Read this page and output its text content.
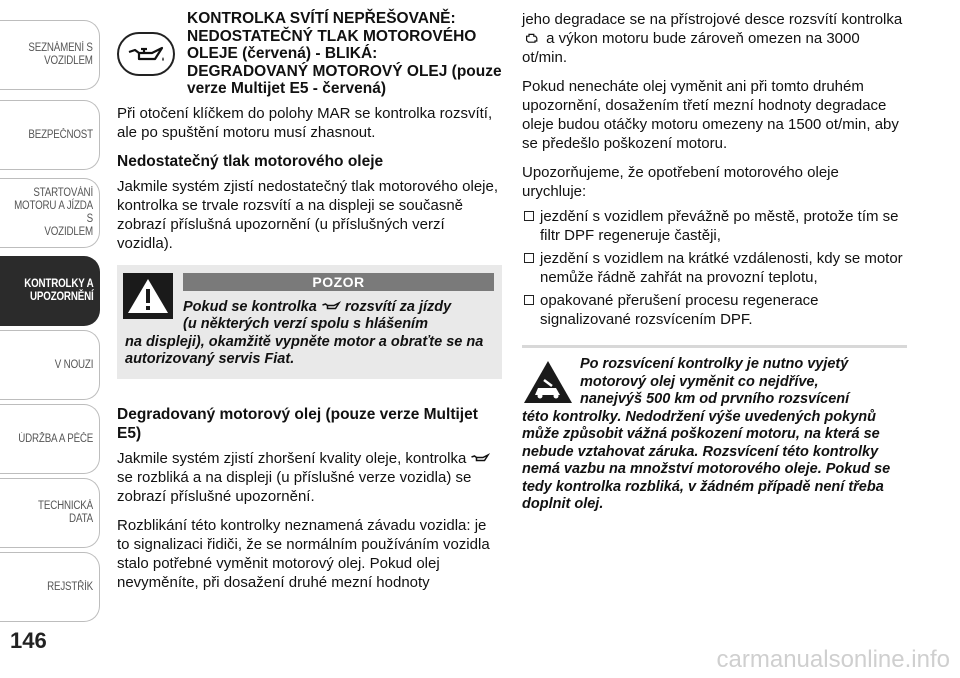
SEZNÁMENÍ S
VOZIDLEM
BEZPEČNOST
STARTOVÁNÍ
MOTORU A JÍZDA S
VOZIDLEM
KONTROLKY A
UPOZORNĚNÍ
V NOUZI
ÚDRŽBA A PÉČE
TECHNICKÁ DATA
REJSTŘÍK
146
KONTROLKA SVÍTÍ NEPŘEŠOVANĚ: NEDOSTATEČNÝ TLAK MOTOROVÉHO OLEJE (červená) - BLIKÁ: DEGRADOVANÝ MOTOROVÝ OLEJ (pouze verze Multijet E5 - červená)

Při otočení klíčkem do polohy MAR se kontrolka rozsvítí, ale po spuštění motoru musí zhasnout.

Nedostatečný tlak motorového oleje

Jakmile systém zjistí nedostatečný tlak motorového oleje, kontrolka se trvale rozsvítí a na displeji se současně zobrazí příslušná upozornění (u příslušných verzí vozidla).

POZOR
Pokud se kontrolka rozsvítí za jízdy
(u některých verzí spolu s hlášením
na displeji), okamžitě vypněte motor a obraťte se na autorizovaný servis Fiat.
Degradovaný motorový olej (pouze verze Multijet E5)

Jakmile systém zjistí zhoršení kvality oleje, kontrolka  se rozbliká a na displeji (u příslušné verze vozidla) se zobrazí příslušné upozornění.

Rozblikání této kontrolky neznamená závadu vozidla: je to signalizaci řidiči, že se normálním používáním vozidla stalo potřebné vyměnit motorový olej. Pokud olej nevyměníte, při dosažení druhé mezní hodnoty

jeho degradace se na přístrojové desce rozsvítí kontrolka  a výkon motoru bude zároveň omezen na 3000 ot/min.

Pokud nenecháte olej vyměnit ani při tomto druhém upozornění, dosažením třetí mezní hodnoty degradace oleje budou otáčky motoru omezeny na 1500 ot/min, aby se předešlo poškození motoru.

Upozorňujeme, že opotřebení motorového oleje urychluje:

jezdění s vozidlem převážně po městě, protože tím se filtr DPF regeneruje častěji,
jezdění s vozidlem na krátké vzdálenosti, kdy se motor nemůže řádně zahřát na provozní teplotu,
opakované přerušení procesu regenerace signalizované rozsvícením DPF.
Po rozsvícení kontrolky je nutno vyjetý
motorový olej vyměnit co nejdříve,
nanejvýš 500 km od prvního rozsvícení
této kontrolky. Nedodržení výše uvedených pokynů může způsobit vážná poškození motoru, na která se nebude vztahovat záruka. Rozsvícení této kontrolky nemá vazbu na množství motorového oleje. Pokud se tedy kontrolka rozbliká, v žádném případě není třeba doplnit olej.
carmanualsonline.info
